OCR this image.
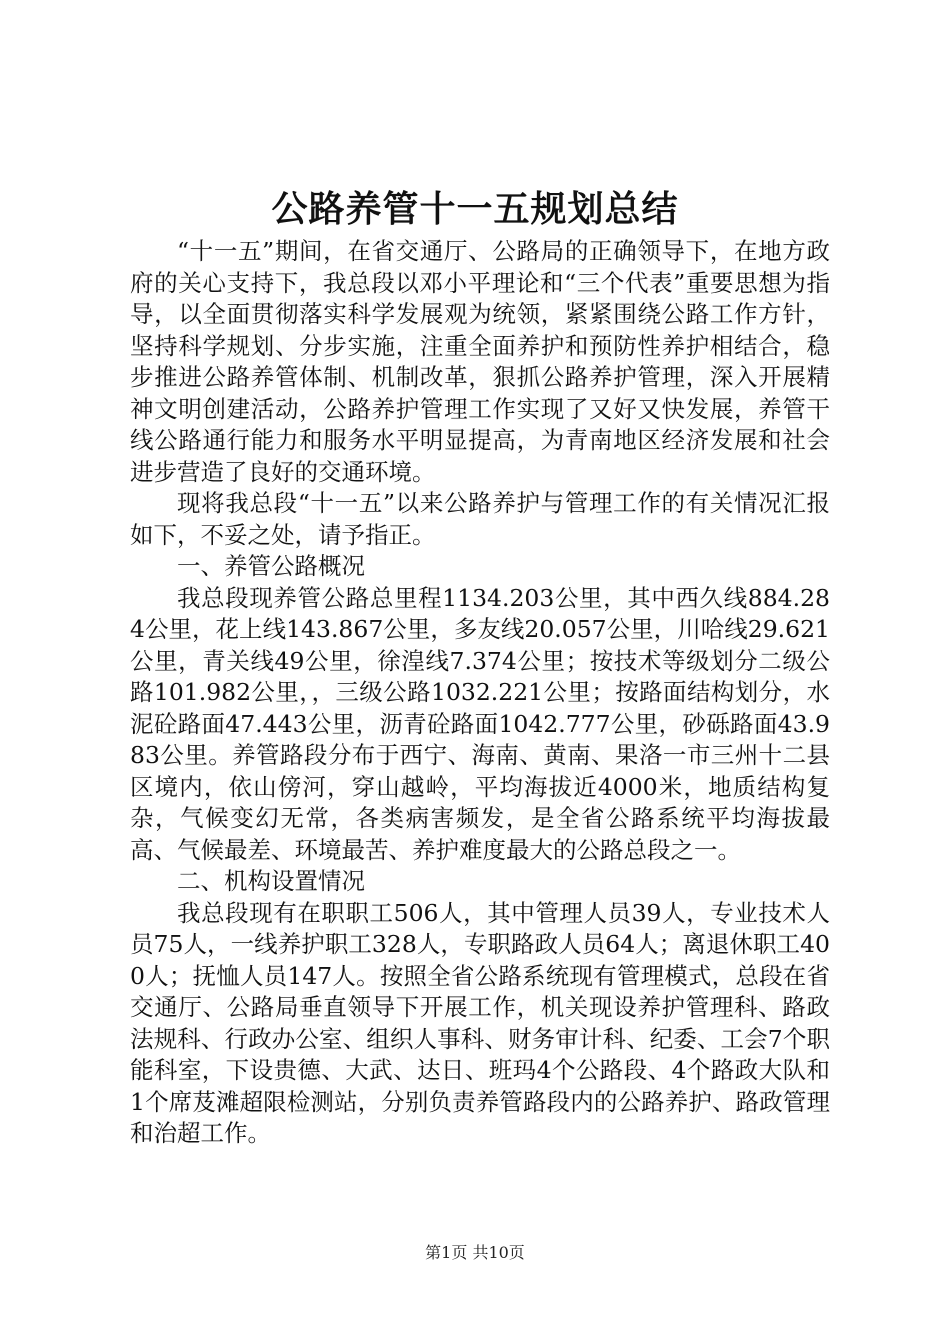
公路养管十一五规划总结

“十一五”期间，在省交通厅、公路局的正确领导下，在地方政府的关心支持下，我总段以邓小平理论和“三个代表”重要思想为指导，以全面贯彻落实科学发展观为统领，紧紧围绕公路工作方针，坚持科学规划、分步实施，注重全面养护和预防性养护相结合，稳步推进公路养管体制、机制改革，狠抓公路养护管理，深入开展精神文明创建活动，公路养护管理工作实现了又好又快发展，养管干线公路通行能力和服务水平明显提高，为青南地区经济发展和社会进步营造了良好的交通环境。

现将我总段“十一五”以来公路养护与管理工作的有关情况汇报如下，不妥之处，请予指正。

一、养管公路概况

我总段现养管公路总里程1134.203公里，其中西久线884.284公里，花上线143.867公里，多友线20.057公里，川哈线29.621公里，青关线49公里，徐湟线7.374公里；按技术等级划分二级公路101.982公里，，三级公路1032.221公里；按路面结构划分，水泥砼路面47.443公里，沥青砼路面1042.777公里，砂砾路面43.983公里。养管路段分布于西宁、海南、黄南、果洛一市三州十二县区境内，依山傍河，穿山越岭，平均海拔近4000米，地质结构复杂，气候变幻无常，各类病害频发，是全省公路系统平均海拔最高、气候最差、环境最苦、养护难度最大的公路总段之一。

二、机构设置情况

我总段现有在职职工506人，其中管理人员39人，专业技术人员75人，一线养护职工328人，专职路政人员64人；离退休职工400人；抚恤人员147人。按照全省公路系统现有管理模式，总段在省交通厅、公路局垂直领导下开展工作，机关现设养护管理科、路政法规科、行政办公室、组织人事科、财务审计科、纪委、工会7个职能科室，下设贵德、大武、达日、班玛4个公路段、4个路政大队和1个席芨滩超限检测站，分别负责养管路段内的公路养护、路政管理和治超工作。

第1页 共10页
